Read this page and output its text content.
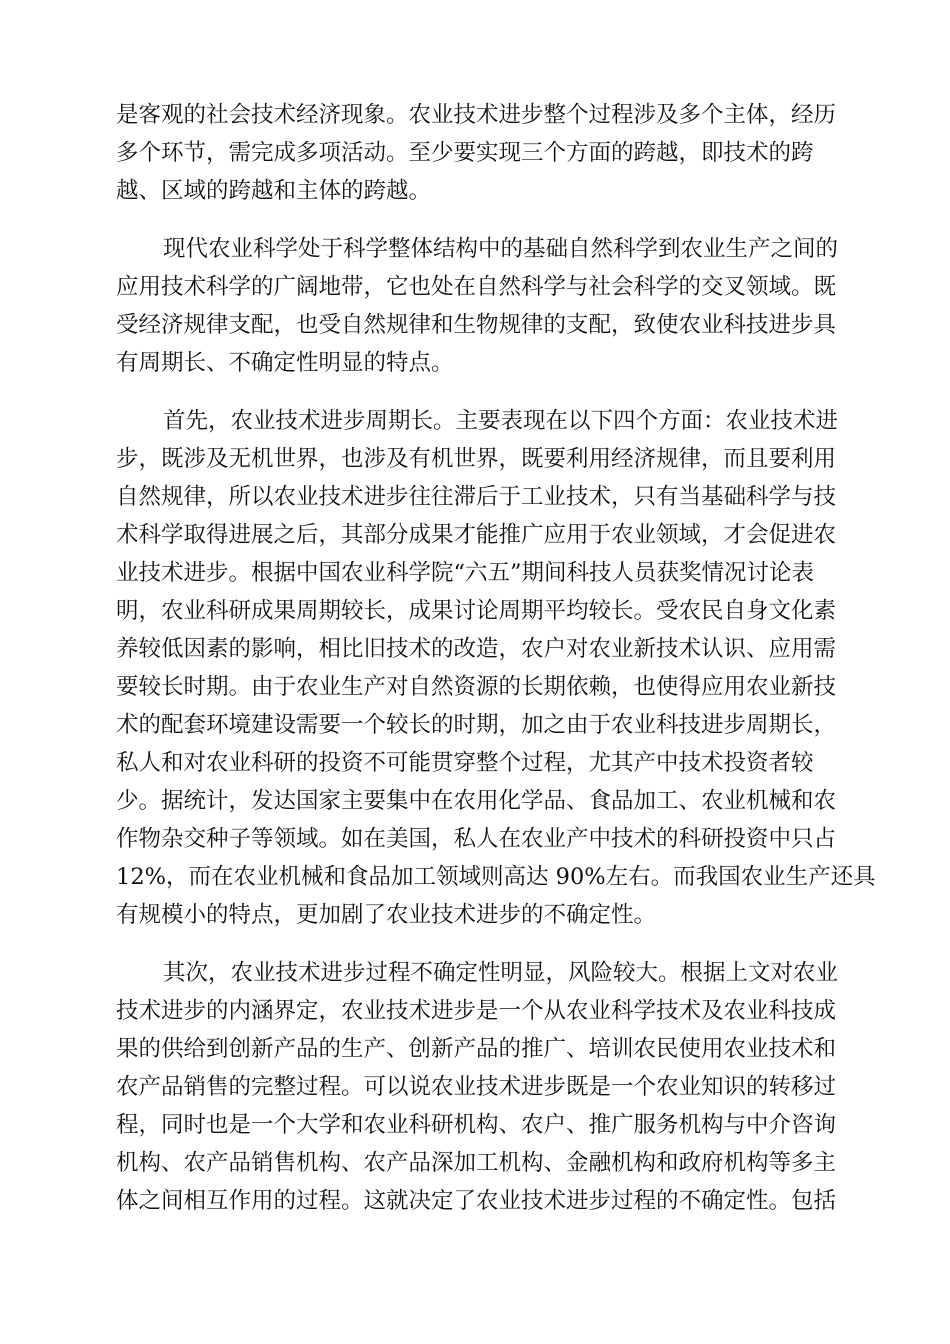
是客观的社会技术经济现象。农业技术进步整个过程涉及多个主体，经历
多个环节，需完成多项活动。至少要实现三个方面的跨越，即技术的跨
越、区域的跨越和主体的跨越。

现代农业科学处于科学整体结构中的基础自然科学到农业生产之间的
应用技术科学的广阔地带，它也处在自然科学与社会科学的交叉领域。既
受经济规律支配，也受自然规律和生物规律的支配，致使农业科技进步具
有周期长、不确定性明显的特点。

首先，农业技术进步周期长。主要表现在以下四个方面：农业技术进
步，既涉及无机世界，也涉及有机世界，既要利用经济规律，而且要利用
自然规律，所以农业技术进步往往滞后于工业技术，只有当基础科学与技
术科学取得进展之后，其部分成果才能推广应用于农业领域，才会促进农
业技术进步。根据中国农业科学院“六五”期间科技人员获奖情况讨论表
明，农业科研成果周期较长，成果讨论周期平均较长。受农民自身文化素
养较低因素的影响，相比旧技术的改造，农户对农业新技术认识、应用需
要较长时期。由于农业生产对自然资源的长期依赖，也使得应用农业新技
术的配套环境建设需要一个较长的时期，加之由于农业科技进步周期长，
私人和对农业科研的投资不可能贯穿整个过程，尤其产中技术投资者较
少。据统计，发达国家主要集中在农用化学品、食品加工、农业机械和农
作物杂交种子等领域。如在美国，私人在农业产中技术的科研投资中只占
12%，而在农业机械和食品加工领域则高达 90%左右。而我国农业生产还具
有规模小的特点，更加剧了农业技术进步的不确定性。

其次，农业技术进步过程不确定性明显，风险较大。根据上文对农业
技术进步的内涵界定，农业技术进步是一个从农业科学技术及农业科技成
果的供给到创新产品的生产、创新产品的推广、培训农民使用农业技术和
农产品销售的完整过程。可以说农业技术进步既是一个农业知识的转移过
程，同时也是一个大学和农业科研机构、农户、推广服务机构与中介咨询
机构、农产品销售机构、农产品深加工机构、金融机构和政府机构等多主
体之间相互作用的过程。这就决定了农业技术进步过程的不确定性。包括
